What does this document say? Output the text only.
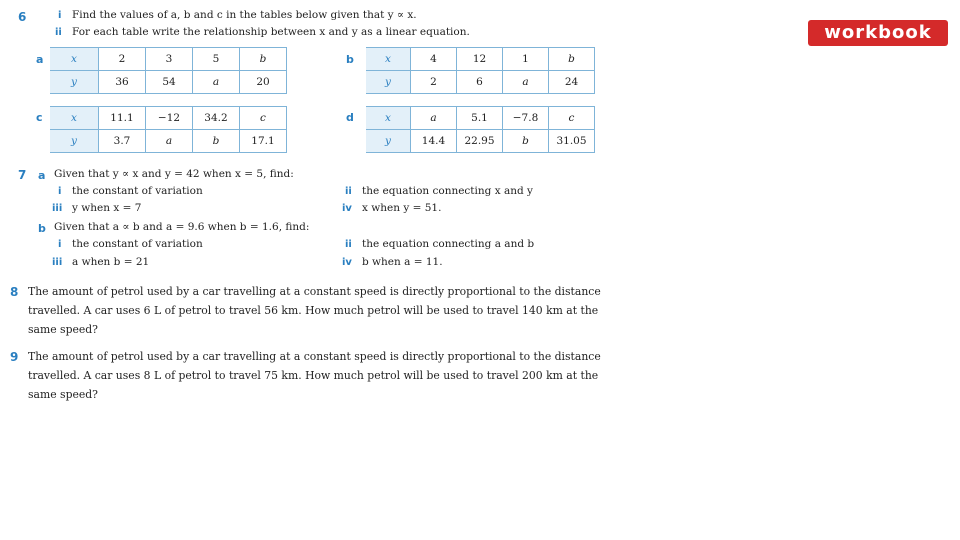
workbook
6	i Find the values of a, b and c in the tables below given that y ∝ x.
ii For each table write the relationship between x and y as a linear equation.
a	x	2	3	5	b
y	36	54	a	20
b	x	4	12	1	b
y	2	6	a	24
c	x	11.1	−12	34.2	c
y	3.7	a	b	17.1
d	x	a	5.1	−7.8	c
y	14.4	22.95	b	31.05
7 a Given that y ∝ x and y = 42 when x = 5, find:
i the constant of variation	ii the equation connecting x and y
iii y when x = 7	iv x when y = 51.
b Given that a ∝ b and a = 9.6 when b = 1.6, find:
i the constant of variation	ii the equation connecting a and b
iii a when b = 21	iv b when a = 11.
8 The amount of petrol used by a car travelling at a constant speed is directly proportional to the distance travelled. A car uses 6 L of petrol to travel 56 km. How much petrol will be used to travel 140 km at the same speed?
9 The amount of petrol used by a car travelling at a constant speed is directly proportional to the distance travelled. A car uses 8 L of petrol to travel 75 km. How much petrol will be used to travel 200 km at the same speed?
